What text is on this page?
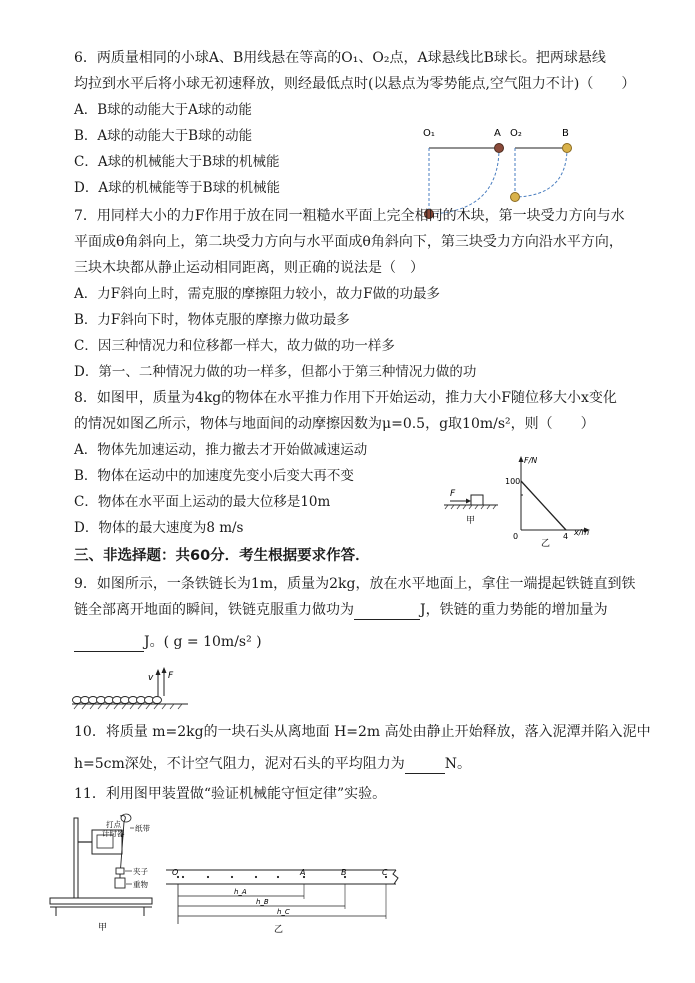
6．两质量相同的小球A、B用线悬在等高的O₁、O₂点，A球悬线比B球长。把两球悬线
均拉到水平后将小球无初速释放，则经最低点时(以悬点为零势能点,空气阻力不计)（　　）
A．B球的动能大于A球的动能
B．A球的动能大于B球的动能
C．A球的机械能大于B球的机械能
D．A球的机械能等于B球的机械能
O₁	A O₂	B
7．用同样大小的力F作用于放在同一粗糙水平面上完全相同的木块，第一块受力方向与水
平面成θ角斜向上，第二块受力方向与水平面成θ角斜向下，第三块受力方向沿水平方向，
三块木块都从静止运动相同距离，则正确的说法是（　）
A．力F斜向上时，需克服的摩擦阻力较小，故力F做的功最多
B．力F斜向下时，物体克服的摩擦力做功最多
C．因三种情况力和位移都一样大，故力做的功一样多
D．第一、二种情况力做的功一样多，但都小于第三种情况力做的功
8．如图甲，质量为4kg的物体在水平推力作用下开始运动，推力大小F随位移大小x变化
的情况如图乙所示，物体与地面间的动摩擦因数为μ=0.5，g取10m/s²，则（　　）
A．物体先加速运动，推力撤去才开始做减速运动
B．物体在运动中的加速度先变小后变大再不变
C．物体在水平面上运动的最大位移是10m
D．物体的最大速度为8 m/s
F
甲
F/N
100
0	4 x/m
乙
三、非选择题：共60分．考生根据要求作答．
9．如图所示，一条铁链长为1m，质量为2kg，放在水平地面上，拿住一端提起铁链直到铁
链全部离开地面的瞬间，铁链克服重力做功为	J，铁链的重力势能的增加量为
J。( g = 10m/s² )
v F
10．将质量 m=2kg的一块石头从离地面 H=2m 高处由静止开始释放，落入泥潭并陷入泥中
h=5cm深处，不计空气阻力，泥对石头的平均阻力为	N。
11．利用图甲装置做“验证机械能守恒定律”实验。
打点
计时器
纸带
夹子
重物
甲
O	A	B	C
h_A
h_B
h_C
乙
